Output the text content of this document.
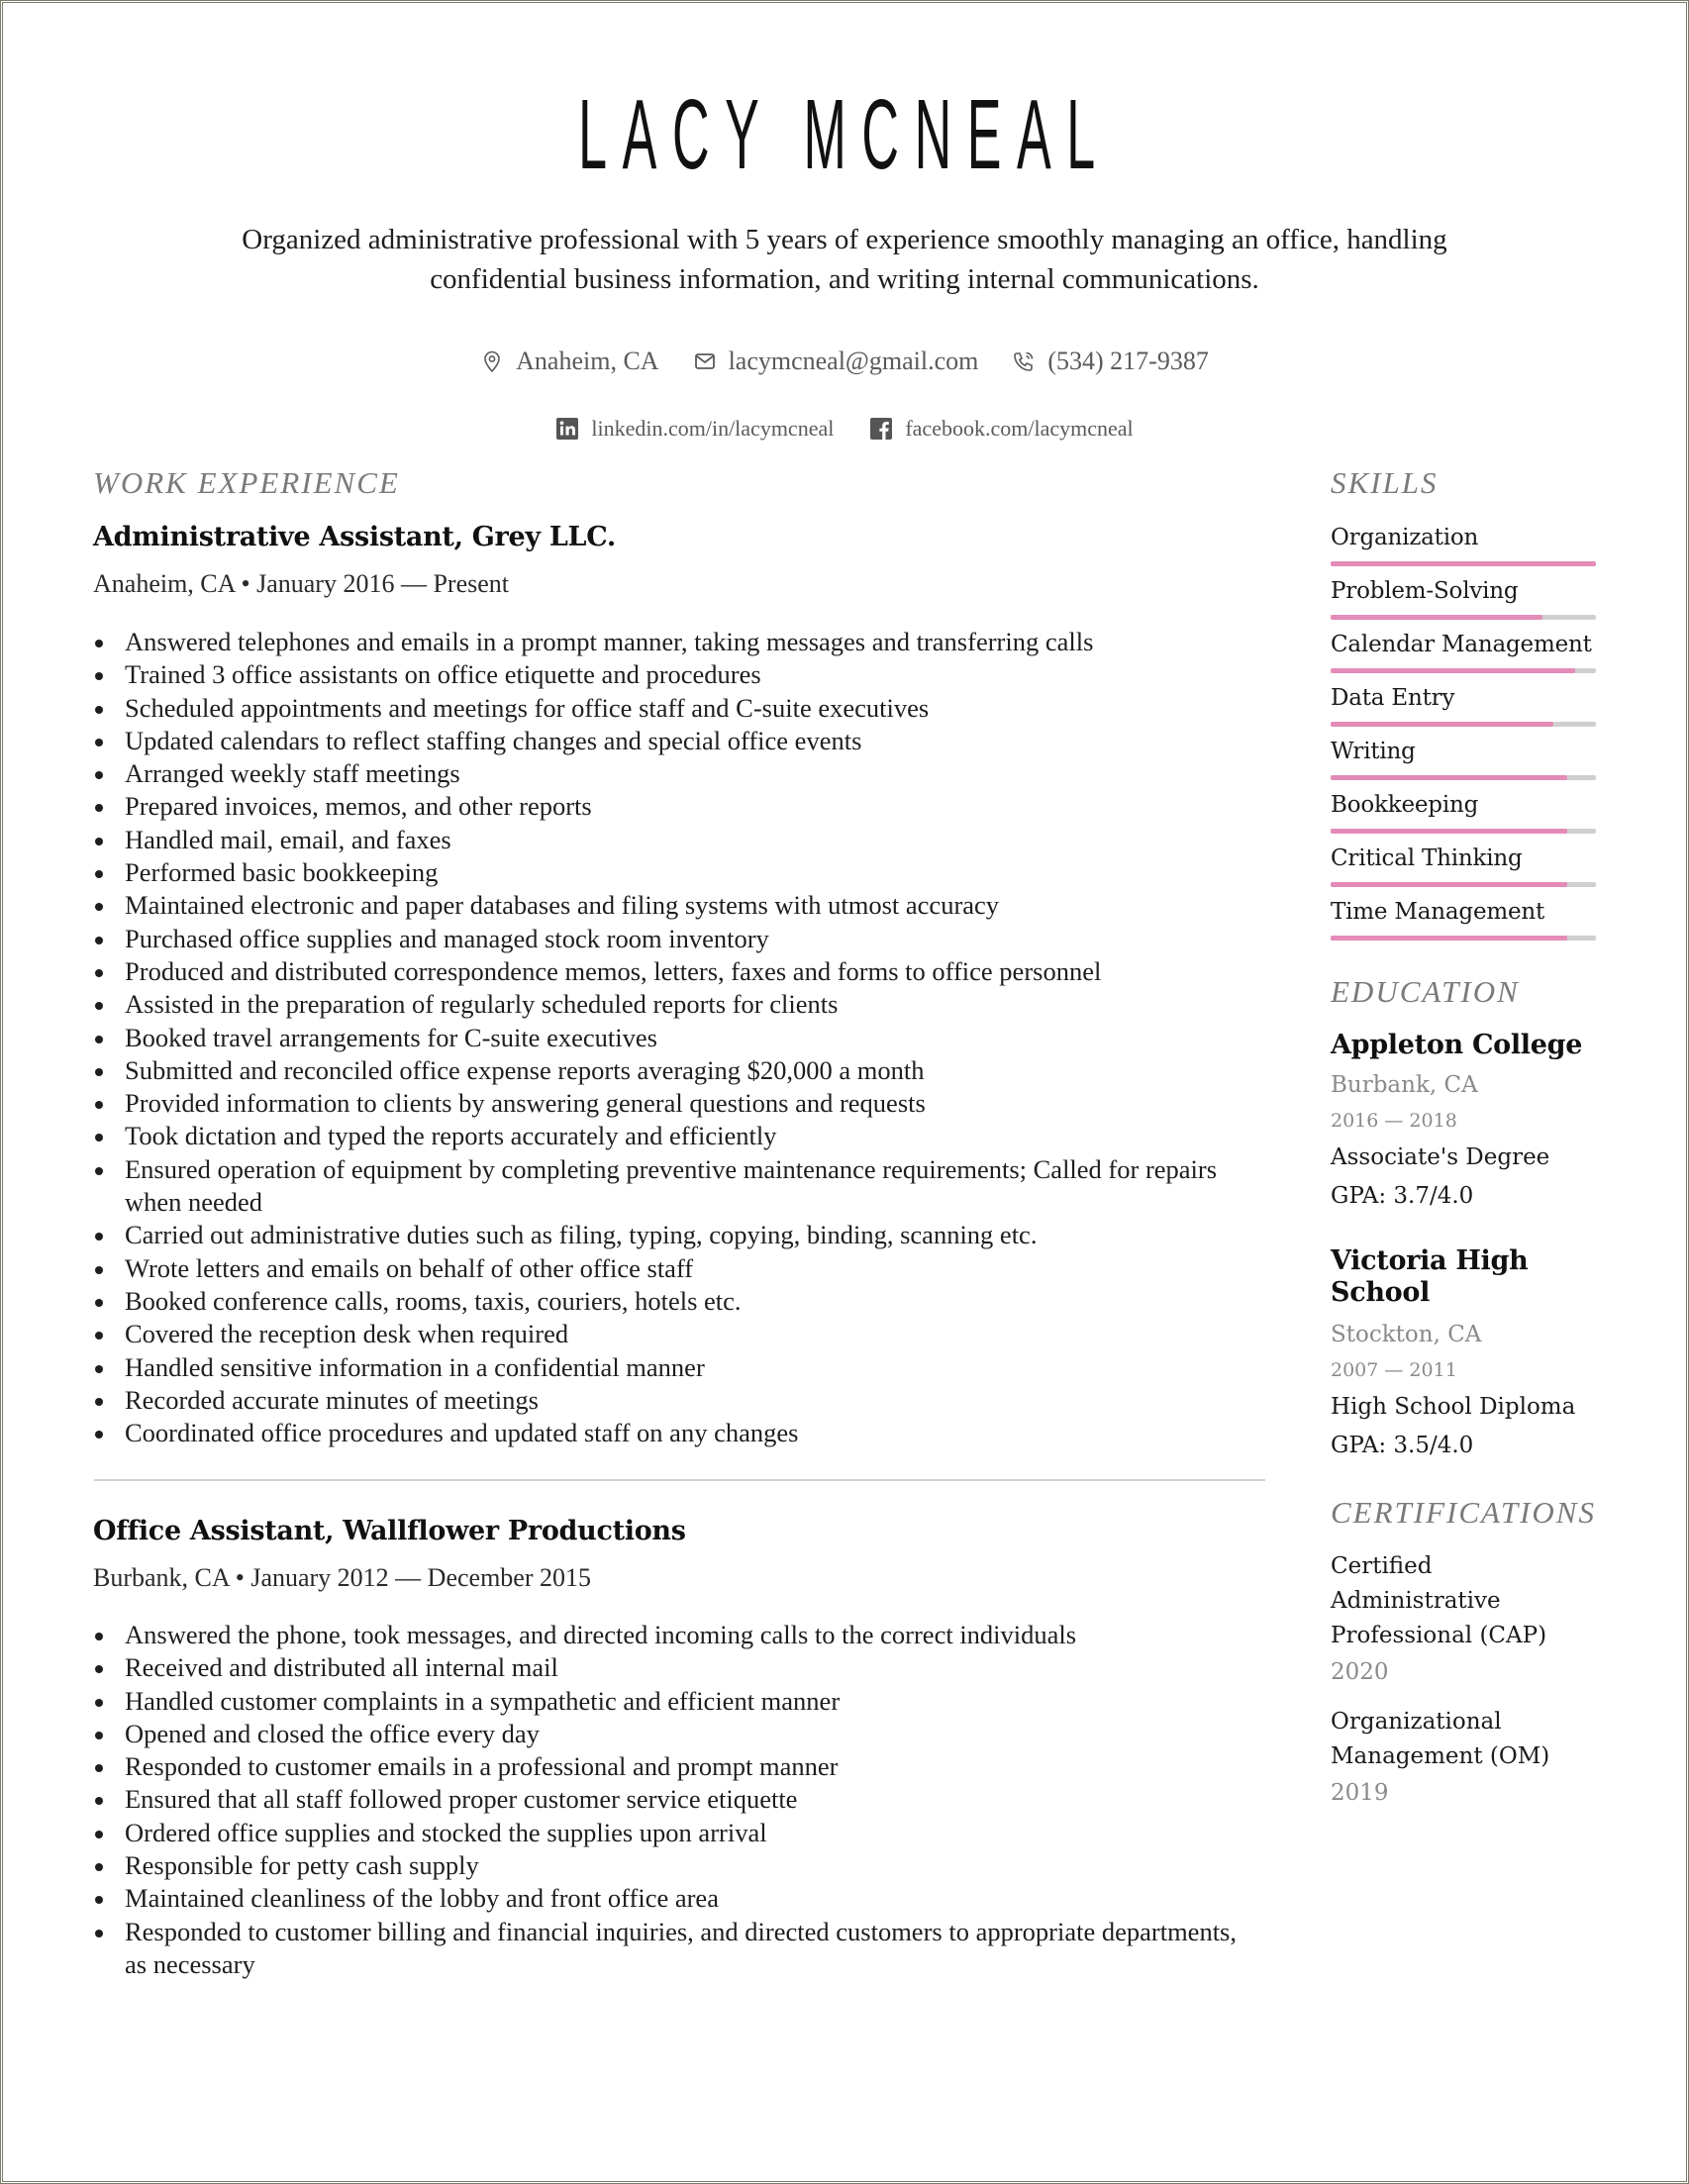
LACY MCNEAL
Organized administrative professional with 5 years of experience smoothly managing an office, handling confidential business information, and writing internal communications.
Anaheim, CA	lacymcneal@gmail.com	(534) 217-9387
linkedin.com/in/lacymcneal	facebook.com/lacymcneal
WORK EXPERIENCE
Administrative Assistant, Grey LLC.
Anaheim, CA • January 2016 — Present
Answered telephones and emails in a prompt manner, taking messages and transferring calls
Trained 3 office assistants on office etiquette and procedures
Scheduled appointments and meetings for office staff and C-suite executives
Updated calendars to reflect staffing changes and special office events
Arranged weekly staff meetings
Prepared invoices, memos, and other reports
Handled mail, email, and faxes
Performed basic bookkeeping
Maintained electronic and paper databases and filing systems with utmost accuracy
Purchased office supplies and managed stock room inventory
Produced and distributed correspondence memos, letters, faxes and forms to office personnel
Assisted in the preparation of regularly scheduled reports for clients
Booked travel arrangements for C-suite executives
Submitted and reconciled office expense reports averaging $20,000 a month
Provided information to clients by answering general questions and requests
Took dictation and typed the reports accurately and efficiently
Ensured operation of equipment by completing preventive maintenance requirements; Called for repairs when needed
Carried out administrative duties such as filing, typing, copying, binding, scanning etc.
Wrote letters and emails on behalf of other office staff
Booked conference calls, rooms, taxis, couriers, hotels etc.
Covered the reception desk when required
Handled sensitive information in a confidential manner
Recorded accurate minutes of meetings
Coordinated office procedures and updated staff on any changes
Office Assistant, Wallflower Productions
Burbank, CA • January 2012 — December 2015
Answered the phone, took messages, and directed incoming calls to the correct individuals
Received and distributed all internal mail
Handled customer complaints in a sympathetic and efficient manner
Opened and closed the office every day
Responded to customer emails in a professional and prompt manner
Ensured that all staff followed proper customer service etiquette
Ordered office supplies and stocked the supplies upon arrival
Responsible for petty cash supply
Maintained cleanliness of the lobby and front office area
Responded to customer billing and financial inquiries, and directed customers to appropriate departments, as necessary
SKILLS
Organization
Problem-Solving
Calendar Management
Data Entry
Writing
Bookkeeping
Critical Thinking
Time Management
EDUCATION
Appleton College
Burbank, CA
2016 — 2018
Associate's Degree
GPA: 3.7/4.0
Victoria High School
Stockton, CA
2007 — 2011
High School Diploma
GPA: 3.5/4.0
CERTIFICATIONS
Certified Administrative Professional (CAP)
2020
Organizational Management (OM)
2019
